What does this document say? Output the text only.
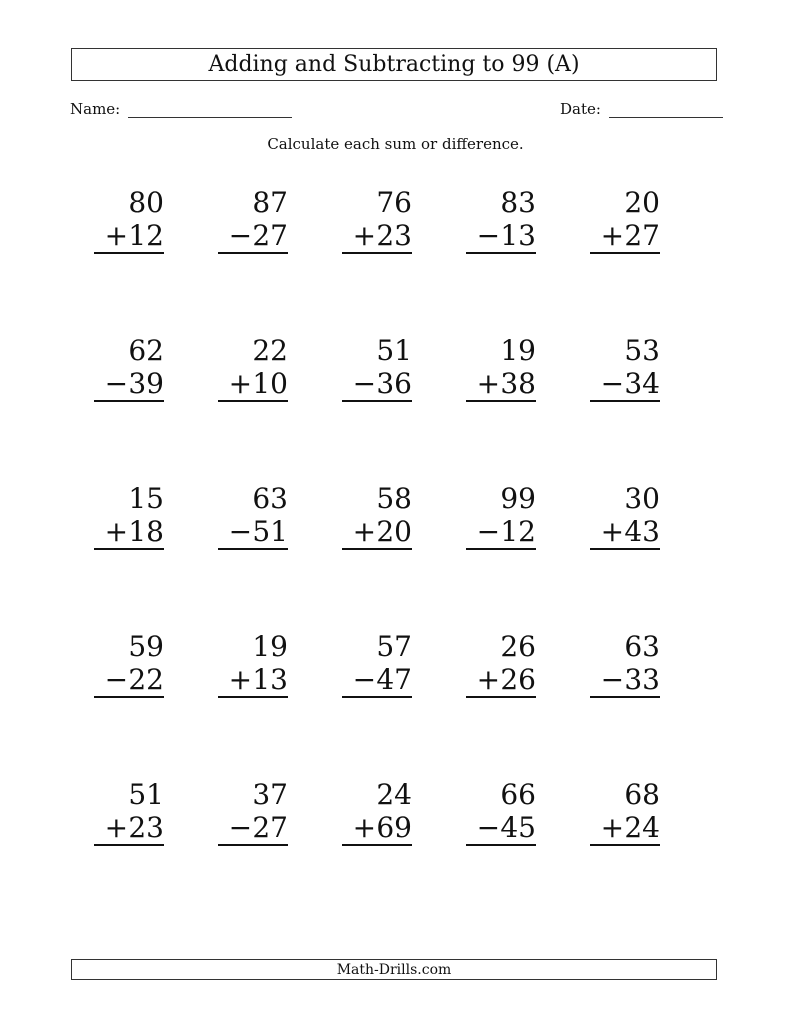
Adding and Subtracting to 99 (A)
Name:	Date:
Calculate each sum or difference.
80
+ 12
87
− 27
76
+ 23
83
− 13
20
+ 27
62
− 39
22
+ 10
51
− 36
19
+ 38
53
− 34
15
+ 18
63
− 51
58
+ 20
99
− 12
30
+ 43
59
− 22
19
+ 13
57
− 47
26
+ 26
63
− 33
51
+ 23
37
− 27
24
+ 69
66
− 45
68
+ 24
Math-Drills.com
